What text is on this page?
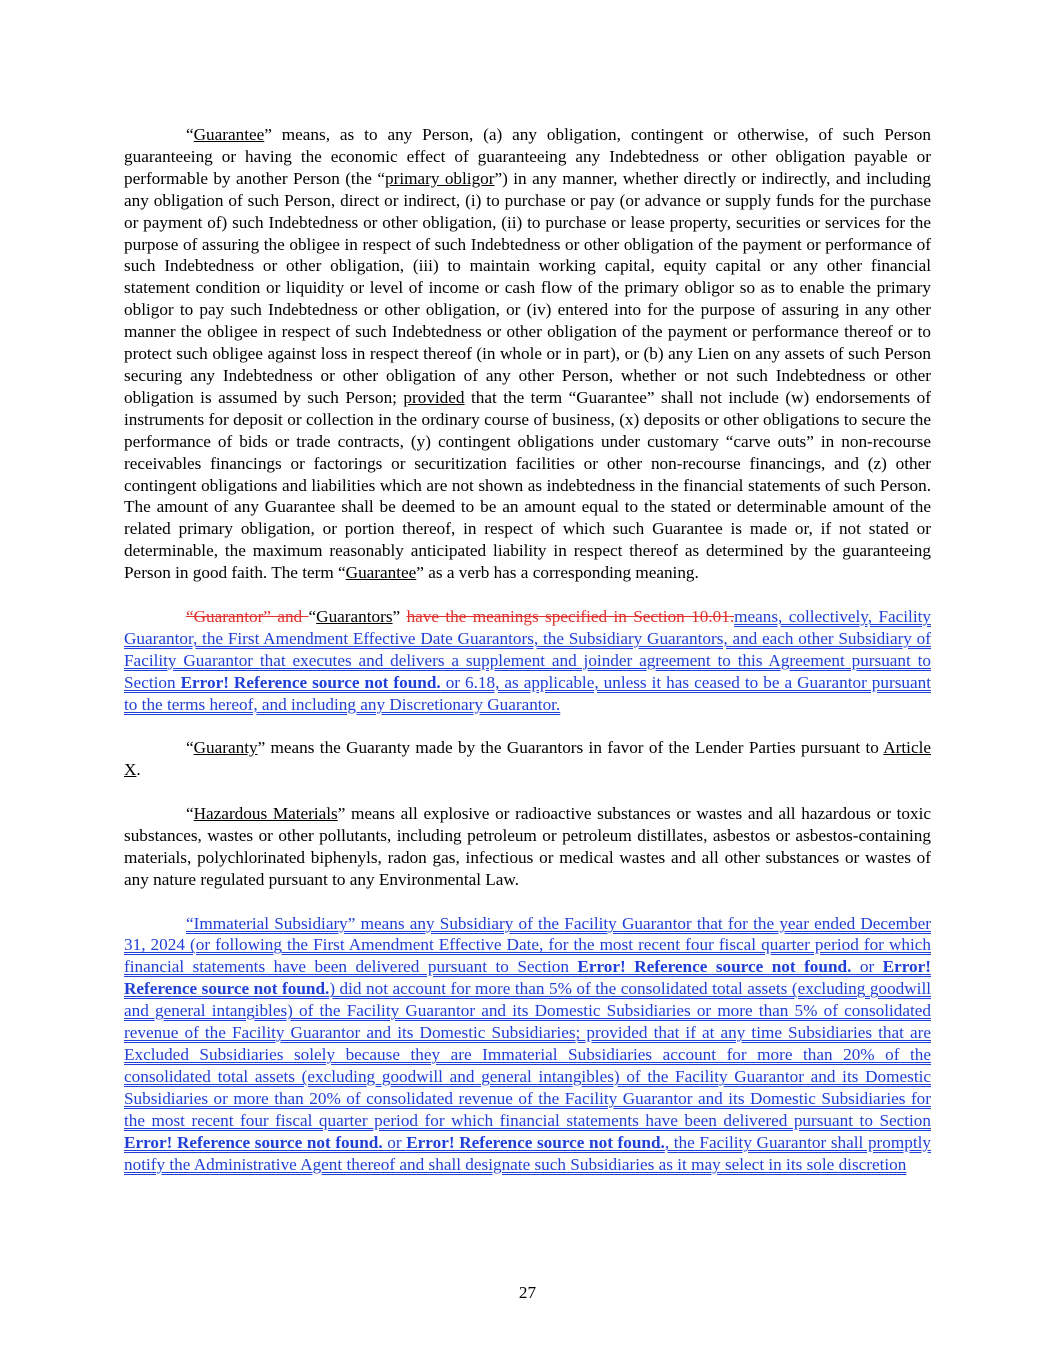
“Guarantee” means, as to any Person, (a) any obligation, contingent or otherwise, of such Person guaranteeing or having the economic effect of guaranteeing any Indebtedness or other obligation payable or performable by another Person (the “primary obligor”) in any manner, whether directly or indirectly, and including any obligation of such Person, direct or indirect, (i) to purchase or pay (or advance or supply funds for the purchase or payment of) such Indebtedness or other obligation, (ii) to purchase or lease property, securities or services for the purpose of assuring the obligee in respect of such Indebtedness or other obligation of the payment or performance of such Indebtedness or other obligation, (iii) to maintain working capital, equity capital or any other financial statement condition or liquidity or level of income or cash flow of the primary obligor so as to enable the primary obligor to pay such Indebtedness or other obligation, or (iv) entered into for the purpose of assuring in any other manner the obligee in respect of such Indebtedness or other obligation of the payment or performance thereof or to protect such obligee against loss in respect thereof (in whole or in part), or (b) any Lien on any assets of such Person securing any Indebtedness or other obligation of any other Person, whether or not such Indebtedness or other obligation is assumed by such Person; provided that the term “Guarantee” shall not include (w) endorsements of instruments for deposit or collection in the ordinary course of business, (x) deposits or other obligations to secure the performance of bids or trade contracts, (y) contingent obligations under customary “carve outs” in non-recourse receivables financings or factorings or securitization facilities or other non-recourse financings, and (z) other contingent obligations and liabilities which are not shown as indebtedness in the financial statements of such Person. The amount of any Guarantee shall be deemed to be an amount equal to the stated or determinable amount of the related primary obligation, or portion thereof, in respect of which such Guarantee is made or, if not stated or determinable, the maximum reasonably anticipated liability in respect thereof as determined by the guaranteeing Person in good faith. The term “Guarantee” as a verb has a corresponding meaning.

“Guarantor” and “Guarantors” have the meanings specified in Section 10.01.means, collectively, Facility Guarantor, the First Amendment Effective Date Guarantors, the Subsidiary Guarantors, and each other Subsidiary of Facility Guarantor that executes and delivers a supplement and joinder agreement to this Agreement pursuant to Section Error! Reference source not found. or 6.18, as applicable, unless it has ceased to be a Guarantor pursuant to the terms hereof, and including any Discretionary Guarantor.

“Guaranty” means the Guaranty made by the Guarantors in favor of the Lender Parties pursuant to Article X.

“Hazardous Materials” means all explosive or radioactive substances or wastes and all hazardous or toxic substances, wastes or other pollutants, including petroleum or petroleum distillates, asbestos or asbestos-containing materials, polychlorinated biphenyls, radon gas, infectious or medical wastes and all other substances or wastes of any nature regulated pursuant to any Environmental Law.

“Immaterial Subsidiary” means any Subsidiary of the Facility Guarantor that for the year ended December 31, 2024 (or following the First Amendment Effective Date, for the most recent four fiscal quarter period for which financial statements have been delivered pursuant to Section Error! Reference source not found. or Error! Reference source not found.) did not account for more than 5% of the consolidated total assets (excluding goodwill and general intangibles) of the Facility Guarantor and its Domestic Subsidiaries or more than 5% of consolidated revenue of the Facility Guarantor and its Domestic Subsidiaries; provided that if at any time Subsidiaries that are Excluded Subsidiaries solely because they are Immaterial Subsidiaries account for more than 20% of the consolidated total assets (excluding goodwill and general intangibles) of the Facility Guarantor and its Domestic Subsidiaries or more than 20% of consolidated revenue of the Facility Guarantor and its Domestic Subsidiaries for the most recent four fiscal quarter period for which financial statements have been delivered pursuant to Section Error! Reference source not found. or Error! Reference source not found., the Facility Guarantor shall promptly notify the Administrative Agent thereof and shall designate such Subsidiaries as it may select in its sole discretion

27
